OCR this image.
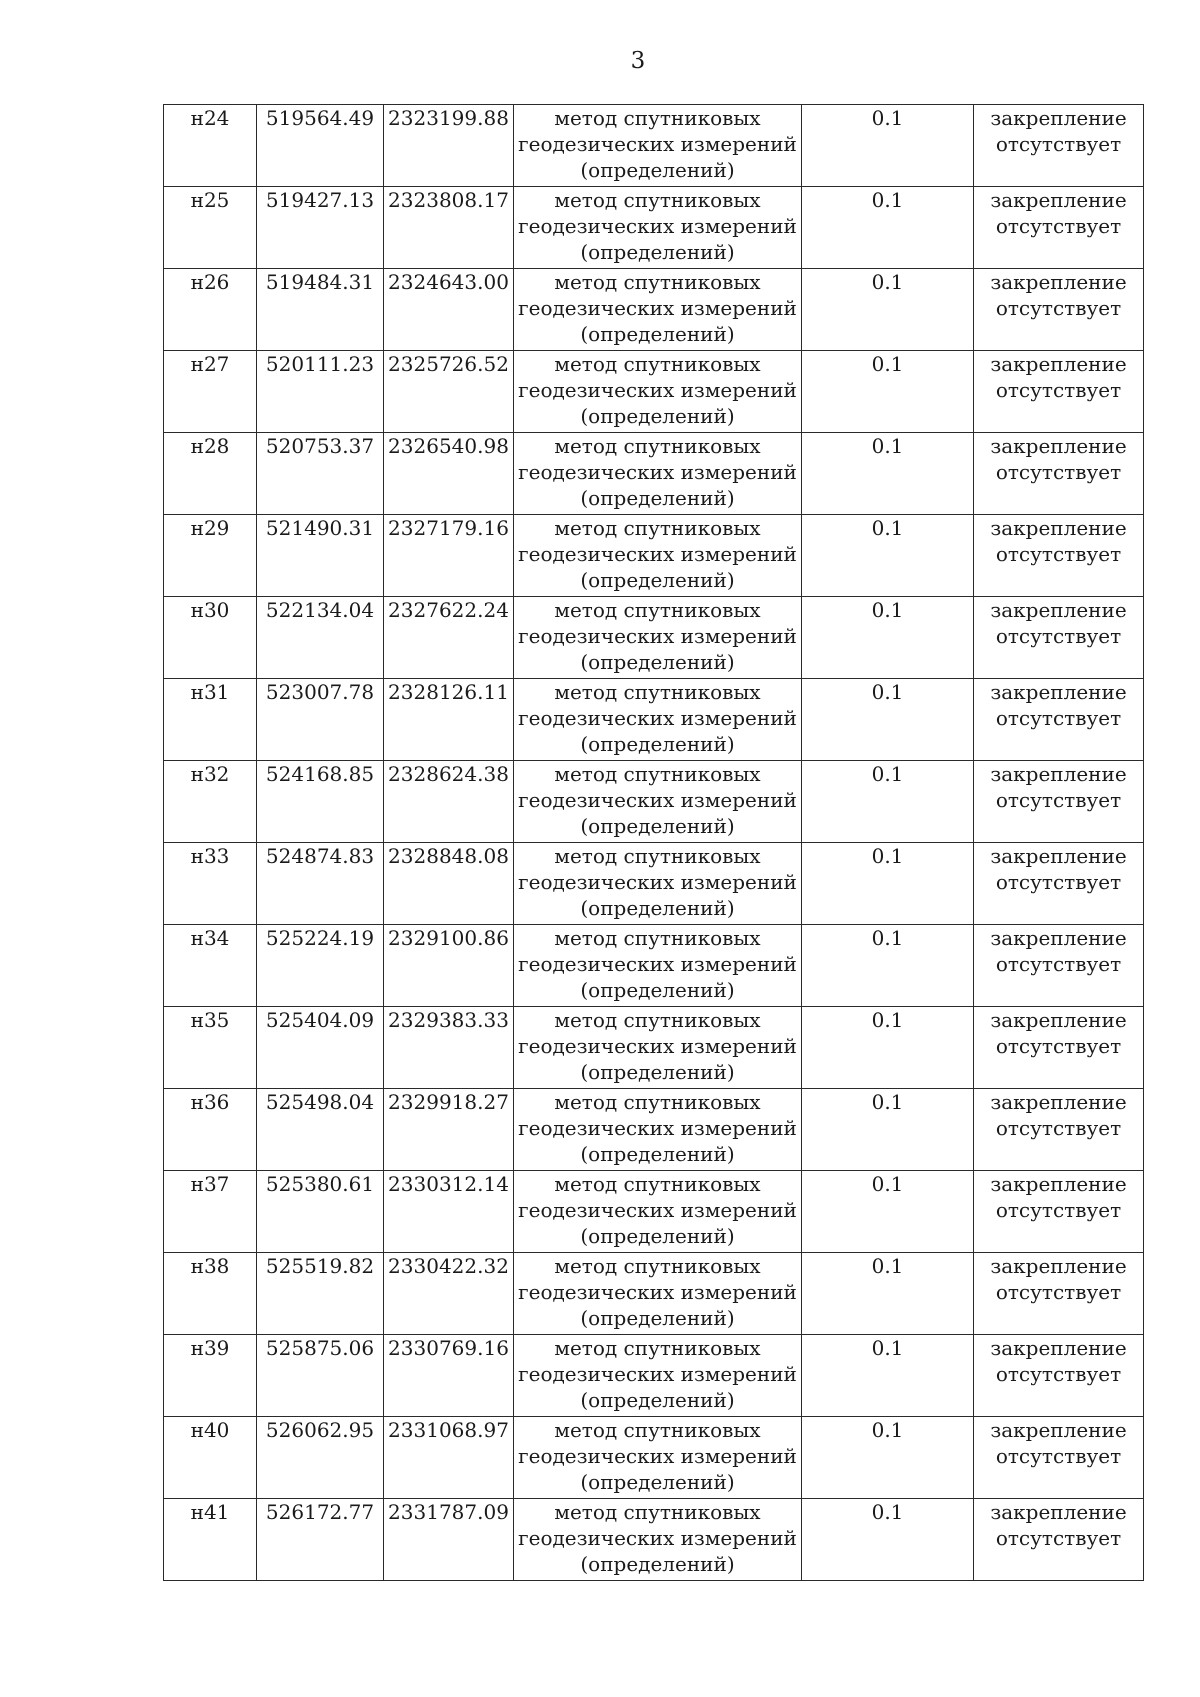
3
н24	519564.49	2323199.88	метод спутниковых
геодезических измерений
(определений)	0.1	закрепление
отсутствует

н25	519427.13	2323808.17	метод спутниковых
геодезических измерений
(определений)	0.1	закрепление
отсутствует

н26	519484.31	2324643.00	метод спутниковых
геодезических измерений
(определений)	0.1	закрепление
отсутствует

н27	520111.23	2325726.52	метод спутниковых
геодезических измерений
(определений)	0.1	закрепление
отсутствует

н28	520753.37	2326540.98	метод спутниковых
геодезических измерений
(определений)	0.1	закрепление
отсутствует

н29	521490.31	2327179.16	метод спутниковых
геодезических измерений
(определений)	0.1	закрепление
отсутствует

н30	522134.04	2327622.24	метод спутниковых
геодезических измерений
(определений)	0.1	закрепление
отсутствует

н31	523007.78	2328126.11	метод спутниковых
геодезических измерений
(определений)	0.1	закрепление
отсутствует

н32	524168.85	2328624.38	метод спутниковых
геодезических измерений
(определений)	0.1	закрепление
отсутствует

н33	524874.83	2328848.08	метод спутниковых
геодезических измерений
(определений)	0.1	закрепление
отсутствует

н34	525224.19	2329100.86	метод спутниковых
геодезических измерений
(определений)	0.1	закрепление
отсутствует

н35	525404.09	2329383.33	метод спутниковых
геодезических измерений
(определений)	0.1	закрепление
отсутствует

н36	525498.04	2329918.27	метод спутниковых
геодезических измерений
(определений)	0.1	закрепление
отсутствует

н37	525380.61	2330312.14	метод спутниковых
геодезических измерений
(определений)	0.1	закрепление
отсутствует

н38	525519.82	2330422.32	метод спутниковых
геодезических измерений
(определений)	0.1	закрепление
отсутствует

н39	525875.06	2330769.16	метод спутниковых
геодезических измерений
(определений)	0.1	закрепление
отсутствует

н40	526062.95	2331068.97	метод спутниковых
геодезических измерений
(определений)	0.1	закрепление
отсутствует

н41	526172.77	2331787.09	метод спутниковых
геодезических измерений
(определений)	0.1	закрепление
отсутствует
